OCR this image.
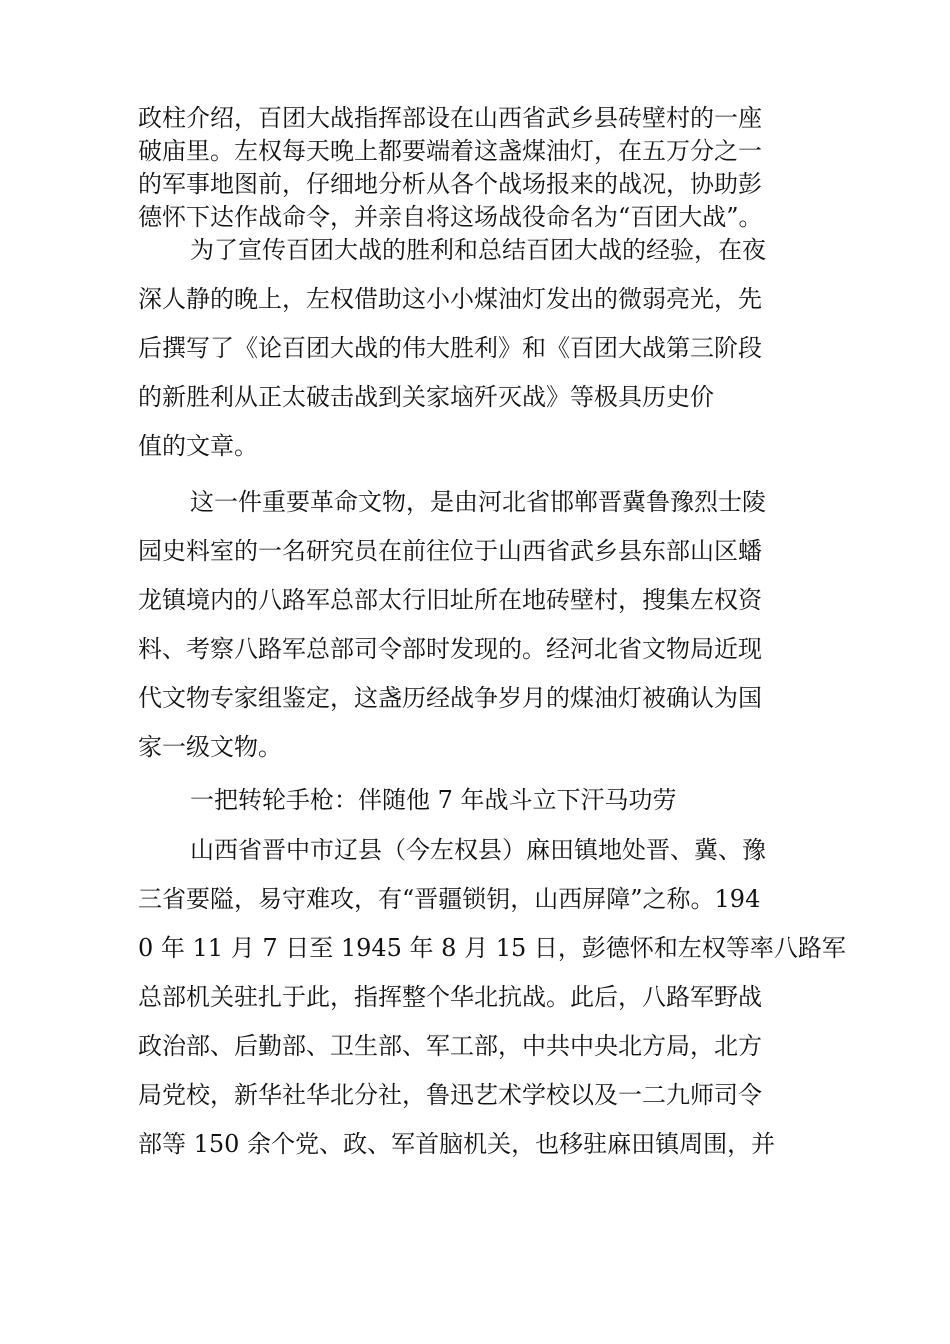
政柱介绍，百团大战指挥部设在山西省武乡县砖壁村的一座
破庙里。左权每天晚上都要端着这盏煤油灯，在五万分之一
的军事地图前，仔细地分析从各个战场报来的战况，协助彭
德怀下达作战命令，并亲自将这场战役命名为“百团大战”。
为了宣传百团大战的胜利和总结百团大战的经验，在夜
深人静的晚上，左权借助这小小煤油灯发出的微弱亮光，先
后撰写了《论百团大战的伟大胜利》和《百团大战第三阶段
的新胜利从正太破击战到关家垴歼灭战》等极具历史价
值的文章。
这一件重要革命文物，是由河北省邯郸晋冀鲁豫烈士陵
园史料室的一名研究员在前往位于山西省武乡县东部山区蟠
龙镇境内的八路军总部太行旧址所在地砖壁村，搜集左权资
料、考察八路军总部司令部时发现的。经河北省文物局近现
代文物专家组鉴定，这盏历经战争岁月的煤油灯被确认为国
家一级文物。
一把转轮手枪：伴随他 7 年战斗立下汗马功劳
山西省晋中市辽县（今左权县）麻田镇地处晋、冀、豫
三省要隘，易守难攻，有“晋疆锁钥，山西屏障”之称。194
0 年 11 月 7 日至 1945 年 8 月 15 日，彭德怀和左权等率八路军
总部机关驻扎于此，指挥整个华北抗战。此后，八路军野战
政治部、后勤部、卫生部、军工部，中共中央北方局，北方
局党校，新华社华北分社，鲁迅艺术学校以及一二九师司令
部等 150 余个党、政、军首脑机关，也移驻麻田镇周围，并
